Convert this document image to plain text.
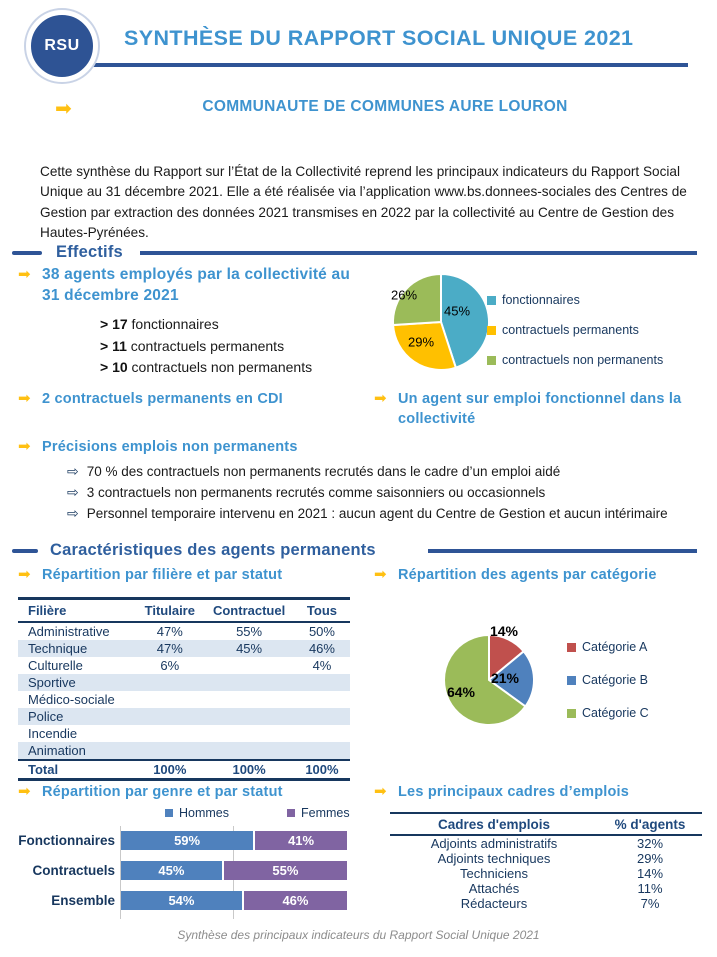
RSU SYNTHÈSE DU RAPPORT SOCIAL UNIQUE 2021
➡	COMMUNAUTE DE COMMUNES AURE LOURON
Cette synthèse du Rapport sur l’État de la Collectivité reprend les principaux indicateurs du Rapport Social Unique au 31 décembre 2021. Elle a été réalisée via l’application www.bs.donnees-sociales des Centres de Gestion par extraction des données 2021 transmises en 2022 par la collectivité au Centre de Gestion des Hautes-Pyrénées.
Effectifs
➡ 38 agents employés par la collectivité au 31 décembre 2021
> 17 fonctionnaires
> 11 contractuels permanents
> 10 contractuels non permanents
45%
29%
26%	fonctionnaires
contractuels permanents
contractuels non permanents
➡ 2 contractuels permanents en CDI	➡ Un agent sur emploi fonctionnel dans la collectivité
➡ Précisions emplois non permanents
⇨ 70 % des contractuels non permanents recrutés dans le cadre d’un emploi aidé
⇨ 3 contractuels non permanents recrutés comme saisonniers ou occasionnels
⇨ Personnel temporaire intervenu en 2021 : aucun agent du Centre de Gestion et aucun intérimaire
Caractéristiques des agents permanents
➡ Répartition par filière et par statut
Filière	Titulaire	Contractuel	Tous
Administrative	47%	55%	50%
Technique	47%	45%	46%
Culturelle	6%		4%
Sportive			
Médico-sociale			
Police			
Incendie			
Animation			
Total	100%	100%	100%
➡ Répartition des agents par catégorie
14%
21%
64%
Catégorie A
Catégorie B
Catégorie C
➡ Répartition par genre et par statut
Hommes	Femmes
Fonctionnaires
Contractuels
Ensemble
59%	41%
45%	55%
54%	46%
➡ Les principaux cadres d’emplois
Cadres d'emplois	% d'agents
Adjoints administratifs	32%
Adjoints techniques	29%
Techniciens	14%
Attachés	11%
Rédacteurs	7%
Synthèse des principaux indicateurs du Rapport Social Unique 2021
